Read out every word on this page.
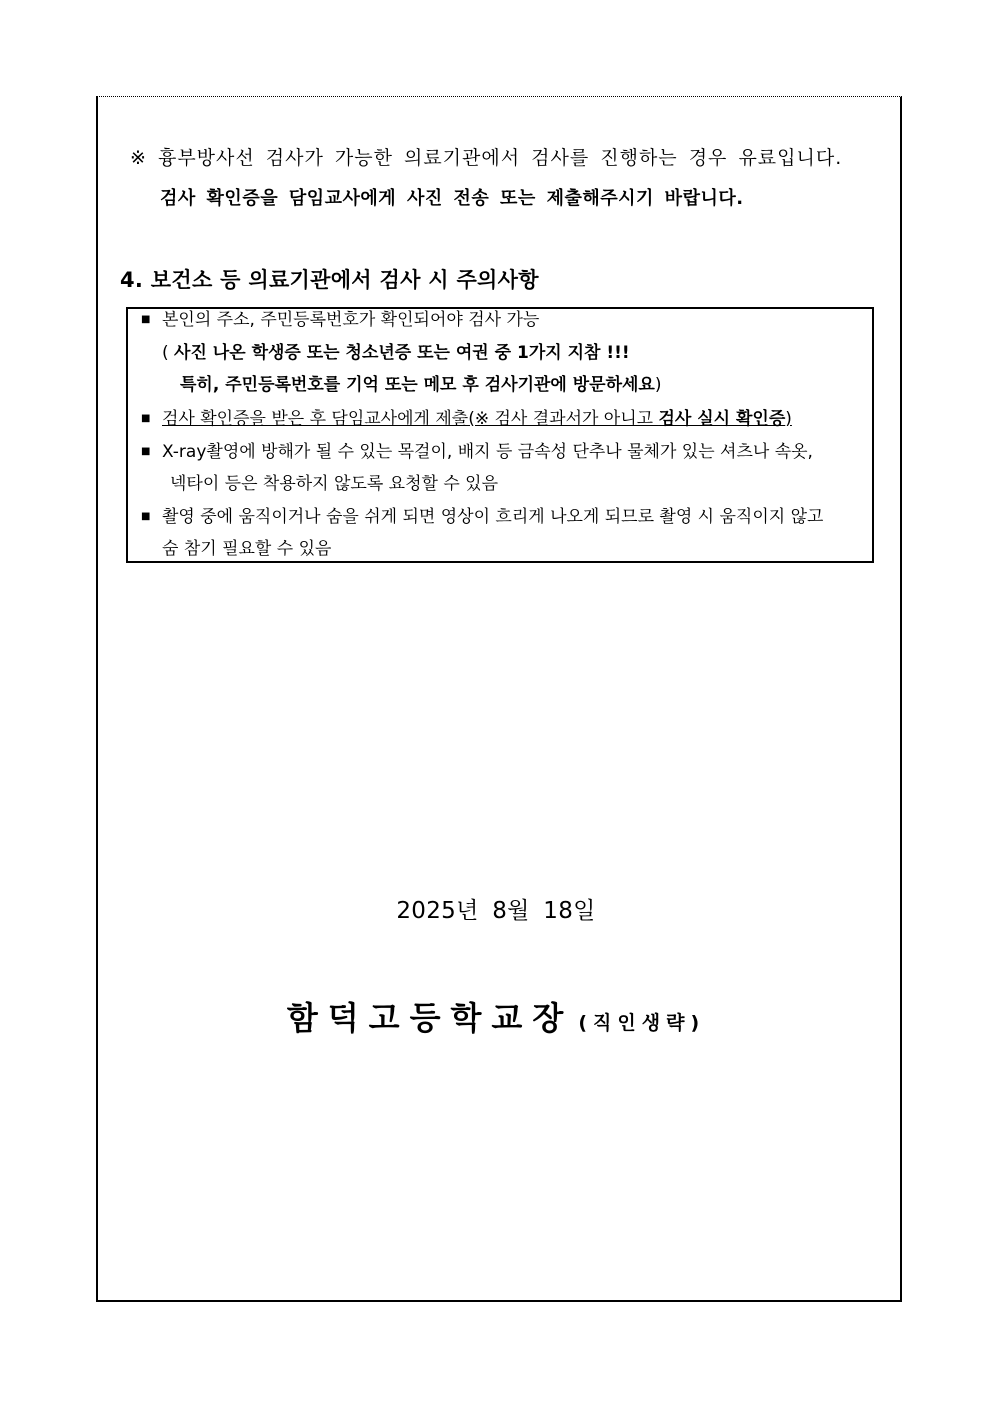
※ 흉부방사선 검사가 가능한 의료기관에서 검사를 진행하는 경우 유료입니다.
검사 확인증을 담임교사에게 사진 전송 또는 제출해주시기 바랍니다.
4. 보건소 등 의료기관에서 검사 시 주의사항
■ 본인의 주소, 주민등록번호가 확인되어야 검사 가능
( 사진 나온 학생증 또는 청소년증 또는 여권 중 1가지 지참 !!!
특히, 주민등록번호를 기억 또는 메모 후 검사기관에 방문하세요)
■ 검사 확인증을 받은 후 담임교사에게 제출(※ 검사 결과서가 아니고 검사 실시 확인증)
■ X-ray촬영에 방해가 될 수 있는 목걸이, 배지 등 금속성 단추나 물체가 있는 셔츠나 속옷,
넥타이 등은 착용하지 않도록 요청할 수 있음
■ 촬영 중에 움직이거나 숨을 쉬게 되면 영상이 흐리게 나오게 되므로 촬영 시 움직이지 않고
숨 참기 필요할 수 있음
2025년 8월 18일
함덕고등학교장 (직인생략)
